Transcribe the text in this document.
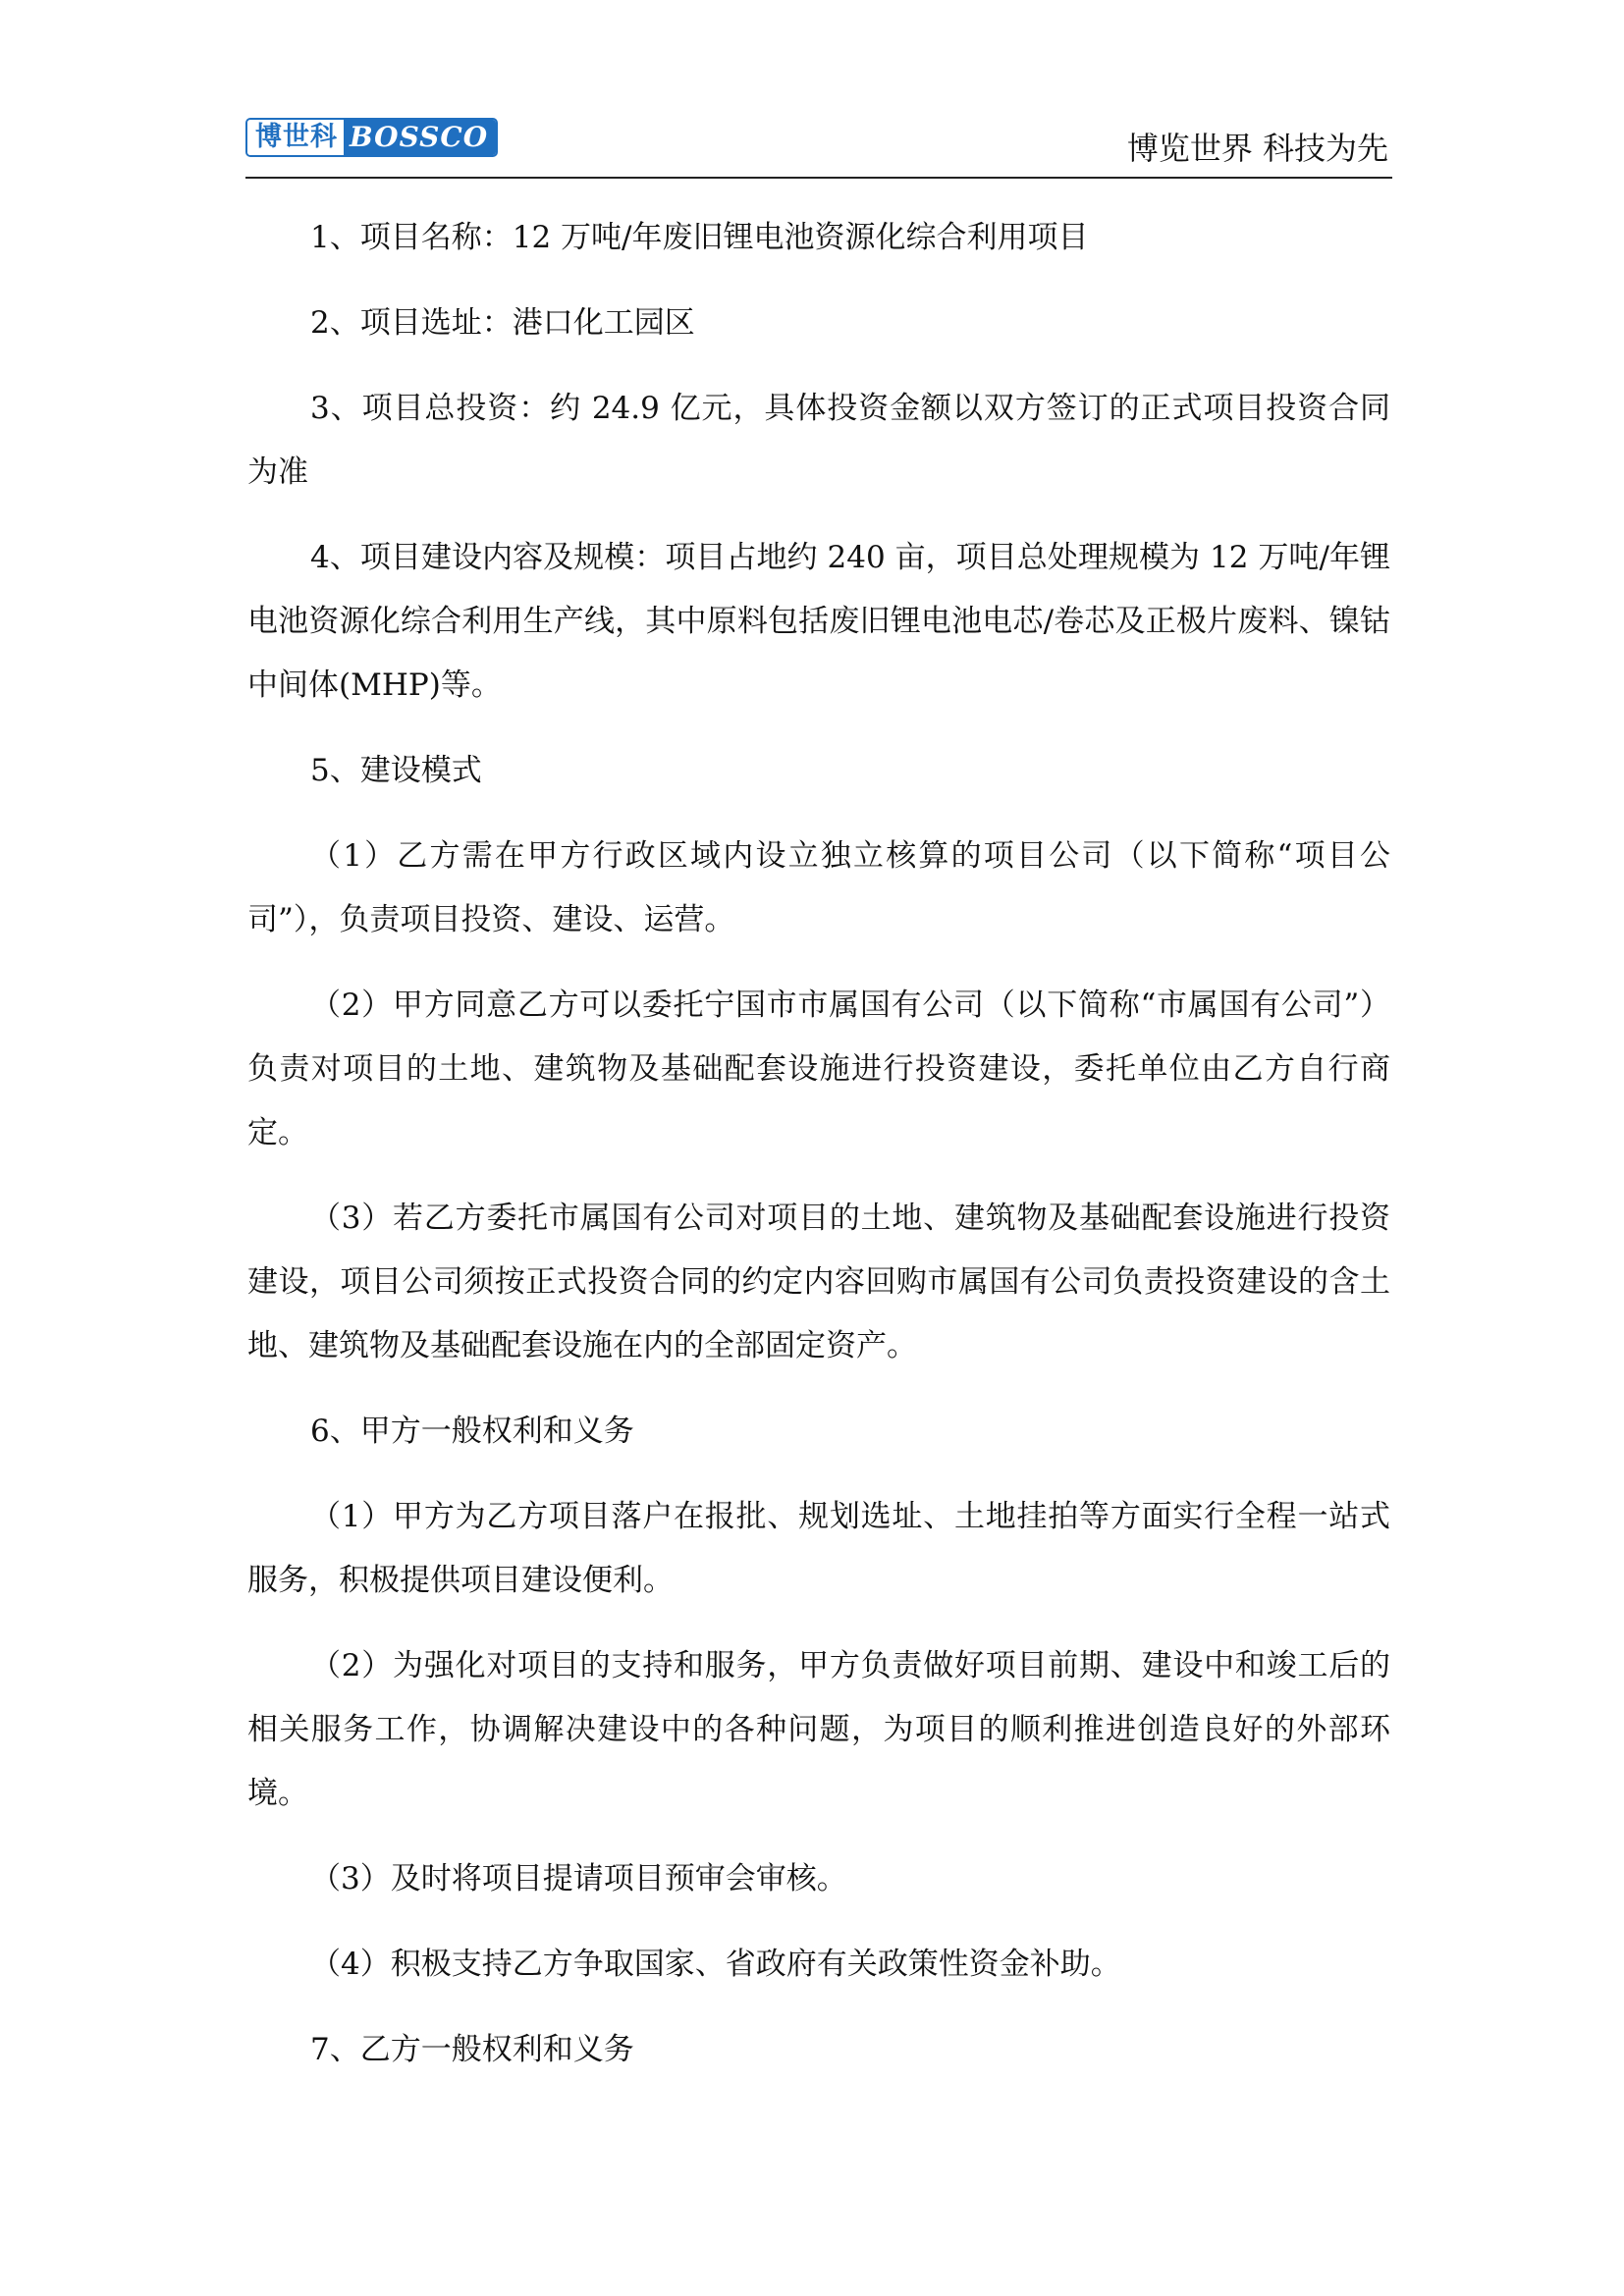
博世科 BOSSCO	博览世界 科技为先

1、项目名称：12 万吨/年废旧锂电池资源化综合利用项目

2、项目选址：港口化工园区

3、项目总投资：约 24.9 亿元，具体投资金额以双方签订的正式项目投资合同为准

4、项目建设内容及规模：项目占地约 240 亩，项目总处理规模为 12 万吨/年锂电池资源化综合利用生产线，其中原料包括废旧锂电池电芯/卷芯及正极片废料、镍钴中间体(MHP)等。

5、建设模式

（1）乙方需在甲方行政区域内设立独立核算的项目公司（以下简称“项目公司”），负责项目投资、建设、运营。

（2）甲方同意乙方可以委托宁国市市属国有公司（以下简称“市属国有公司”）负责对项目的土地、建筑物及基础配套设施进行投资建设，委托单位由乙方自行商定。

（3）若乙方委托市属国有公司对项目的土地、建筑物及基础配套设施进行投资建设，项目公司须按正式投资合同的约定内容回购市属国有公司负责投资建设的含土地、建筑物及基础配套设施在内的全部固定资产。

6、甲方一般权利和义务

（1）甲方为乙方项目落户在报批、规划选址、土地挂拍等方面实行全程一站式服务，积极提供项目建设便利。

（2）为强化对项目的支持和服务，甲方负责做好项目前期、建设中和竣工后的相关服务工作，协调解决建设中的各种问题，为项目的顺利推进创造良好的外部环境。

（3）及时将项目提请项目预审会审核。

（4）积极支持乙方争取国家、省政府有关政策性资金补助。

7、乙方一般权利和义务
